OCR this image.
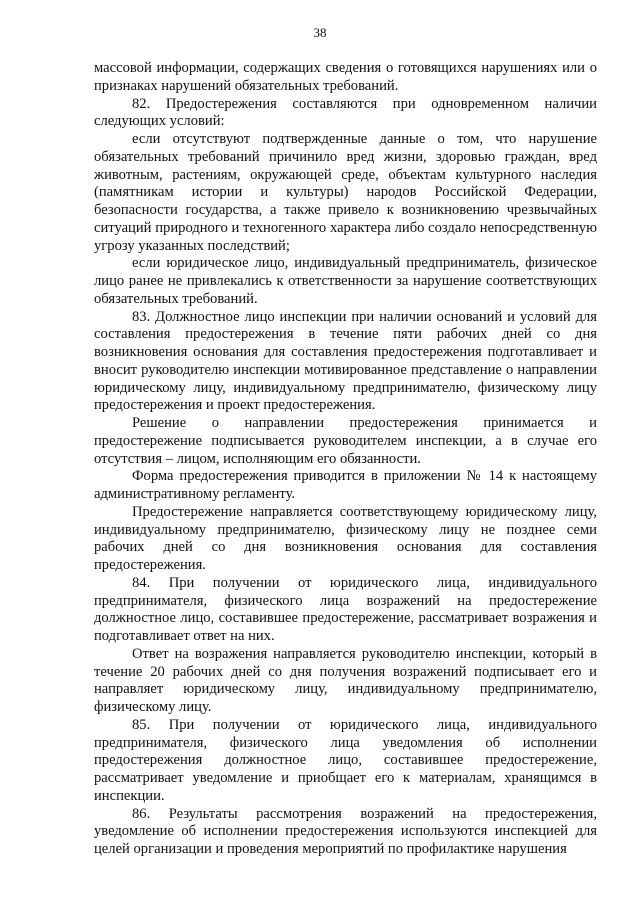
38

массовой информации, содержащих сведения о готовящихся нарушениях или о признаках нарушений обязательных требований.

82. Предостережения составляются при одновременном наличии следующих условий:

если отсутствуют подтвержденные данные о том, что нарушение обязательных требований причинило вред жизни, здоровью граждан, вред животным, растениям, окружающей среде, объектам культурного наследия (памятникам истории и культуры) народов Российской Федерации, безопасности государства, а также привело к возникновению чрезвычайных ситуаций природного и техногенного характера либо создало непосредственную угрозу указанных последствий;

если юридическое лицо, индивидуальный предприниматель, физическое лицо ранее не привлекались к ответственности за нарушение соответствующих обязательных требований.

83. Должностное лицо инспекции при наличии оснований и условий для составления предостережения в течение пяти рабочих дней со дня возникновения основания для составления предостережения подготавливает и вносит руководителю инспекции мотивированное представление о направлении юридическому лицу, индивидуальному предпринимателю, физическому лицу предостережения и проект предостережения.

Решение о направлении предостережения принимается и предостережение подписывается руководителем инспекции, а в случае его отсутствия – лицом, исполняющим его обязанности.

Форма предостережения приводится в приложении № 14 к настоящему административному регламенту.

Предостережение направляется соответствующему юридическому лицу, индивидуальному предпринимателю, физическому лицу не позднее семи рабочих дней со дня возникновения основания для составления предостережения.

84. При получении от юридического лица, индивидуального предпринимателя, физического лица возражений на предостережение должностное лицо, составившее предостережение, рассматривает возражения и подготавливает ответ на них.

Ответ на возражения направляется руководителю инспекции, который в течение 20 рабочих дней со дня получения возражений подписывает его и направляет юридическому лицу, индивидуальному предпринимателю, физическому лицу.

85. При получении от юридического лица, индивидуального предпринимателя, физического лица уведомления об исполнении предостережения должностное лицо, составившее предостережение, рассматривает уведомление и приобщает его к материалам, хранящимся в инспекции.

86. Результаты рассмотрения возражений на предостережения, уведомление об исполнении предостережения используются инспекцией для целей организации и проведения мероприятий по профилактике нарушения
